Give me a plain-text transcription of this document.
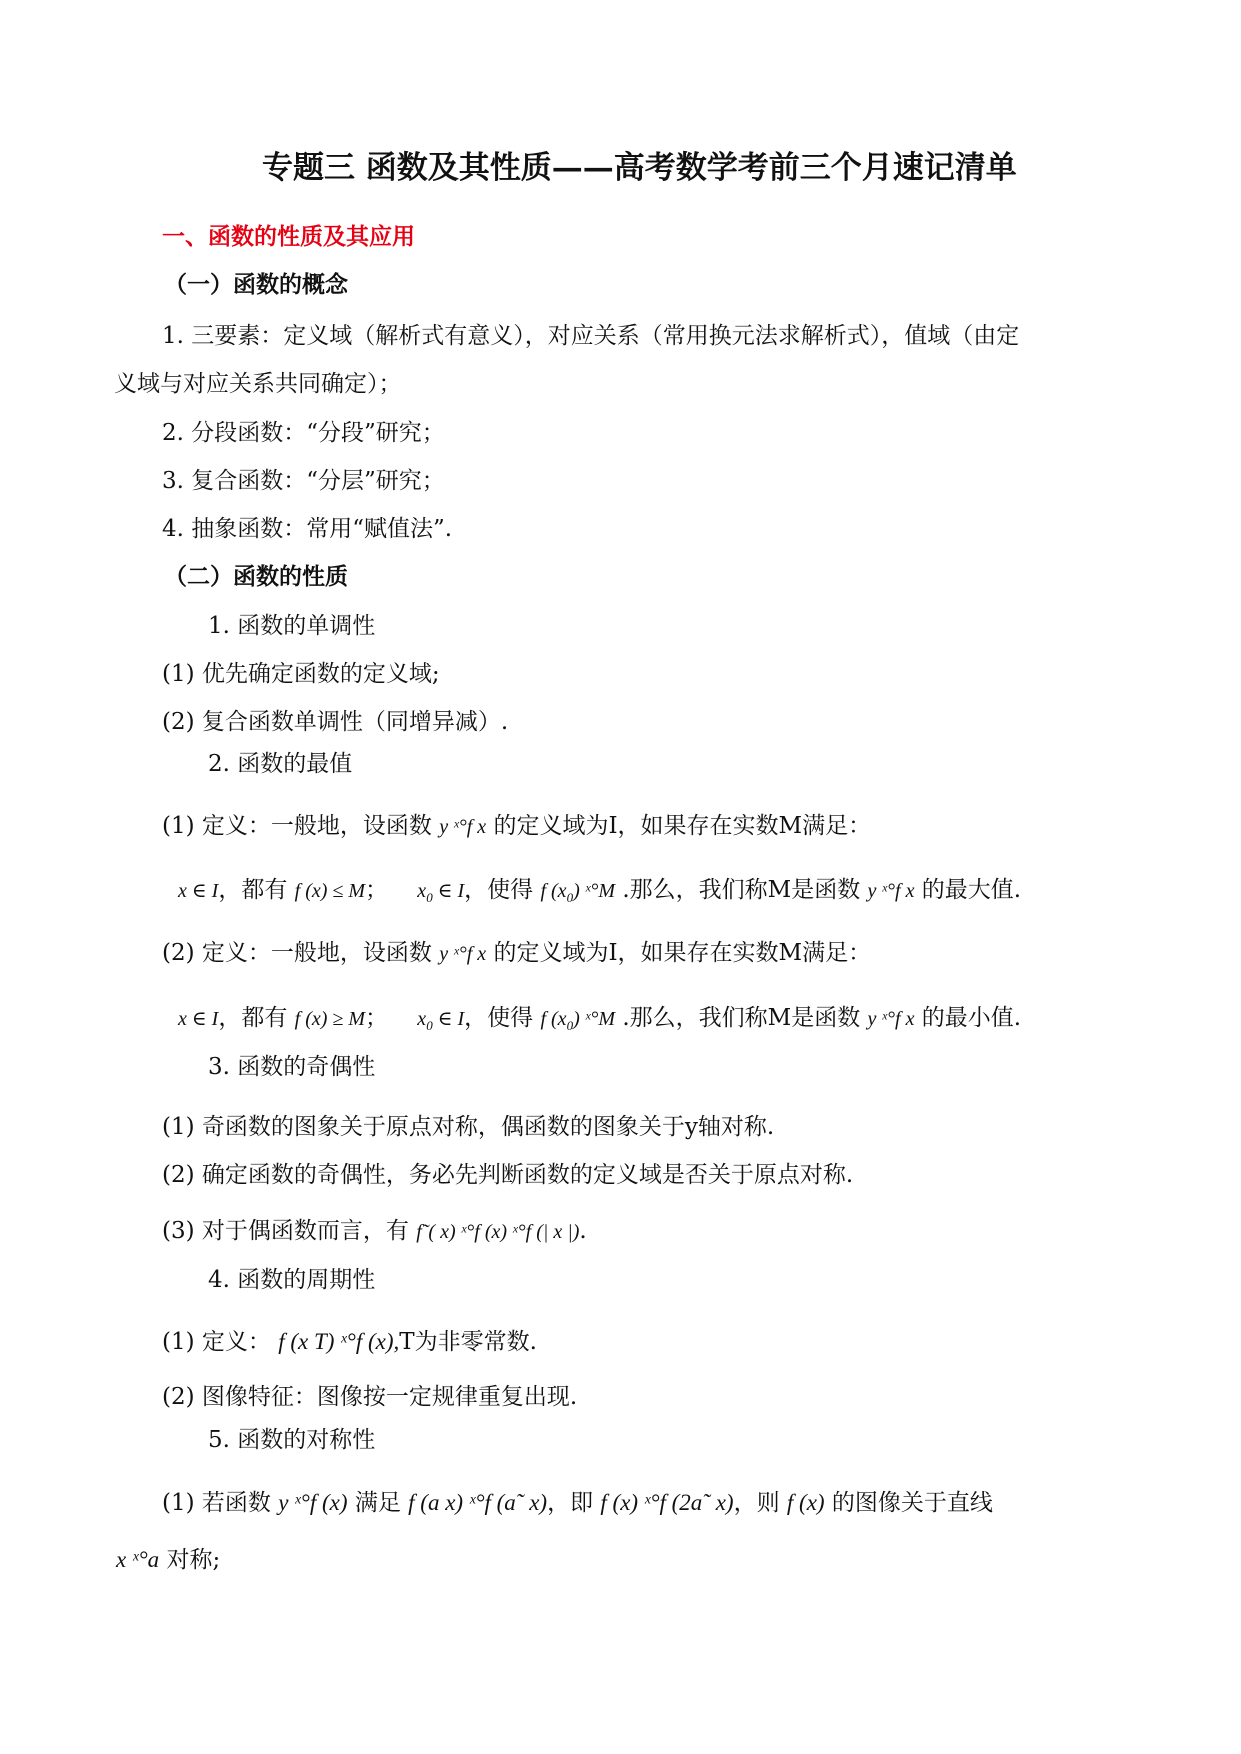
专题三 函数及其性质——高考数学考前三个月速记清单
一、函数的性质及其应用
（一）函数的概念
1. 三要素：定义域（解析式有意义），对应关系（常用换元法求解析式），值域（由定
义域与对应关系共同确定）；
2. 分段函数：“分段”研究；
3. 复合函数：“分层”研究；
4. 抽象函数：常用“赋值法”.
（二）函数的性质
1. 函数的单调性
(1) 优先确定函数的定义域;
(2) 复合函数单调性（同增异减）.
2. 函数的最值
(1) 定义：一般地，设函数 y ˣ°f x 的定义域为I，如果存在实数M满足：
x ∈ I，都有 f (x) ≤ M； $x_0$ ∈ I，使得 f $(x_0)$ ˣ°M .那么，我们称M是函数 y ˣ°f x 的最大值.
(2) 定义：一般地，设函数 y ˣ°f x 的定义域为I，如果存在实数M满足：
x ∈ I，都有 f (x) ≥ M； $x_0$ ∈ I，使得 f $(x_0)$ ˣ°M .那么，我们称M是函数 y ˣ°f x 的最小值.
3. 函数的奇偶性
(1) 奇函数的图象关于原点对称，偶函数的图象关于y轴对称.
(2) 确定函数的奇偶性，务必先判断函数的定义域是否关于原点对称.
(3) 对于偶函数而言，有 f˜( x) ˣ°f (x) ˣ°f (| x |).
4. 函数的周期性
(1) 定义： f (x T) ˣ°f (x),T为非零常数.
(2) 图像特征：图像按一定规律重复出现.
5. 函数的对称性
(1) 若函数 y ˣ°f (x) 满足 f (a x) ˣ°f (a˜ x)，即 f (x) ˣ°f (2a˜ x)，则 f (x) 的图像关于直线
x ˣ°a 对称;
